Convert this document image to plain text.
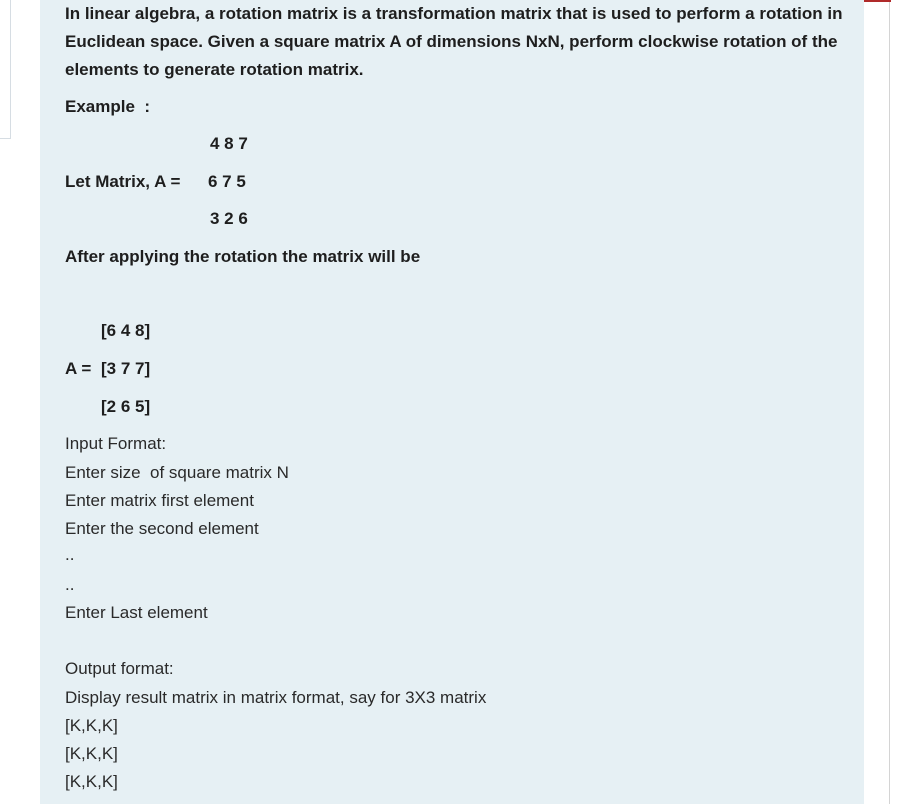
In linear algebra, a rotation matrix is a transformation matrix that is used to perform a rotation in Euclidean space. Given a square matrix A of dimensions NxN, perform clockwise rotation of the elements to generate rotation matrix.
Example  :
4 8 7
Let Matrix, A = 6 7 5
3 2 6
After applying the rotation the matrix will be
[6 4 8]
A = [3 7 7]
[2 6 5]
Input Format:
Enter size  of square matrix N
Enter matrix first element
Enter the second element
..
..
Enter Last element
Output format:
Display result matrix in matrix format, say for 3X3 matrix
[K,K,K]
[K,K,K]
[K,K,K]
